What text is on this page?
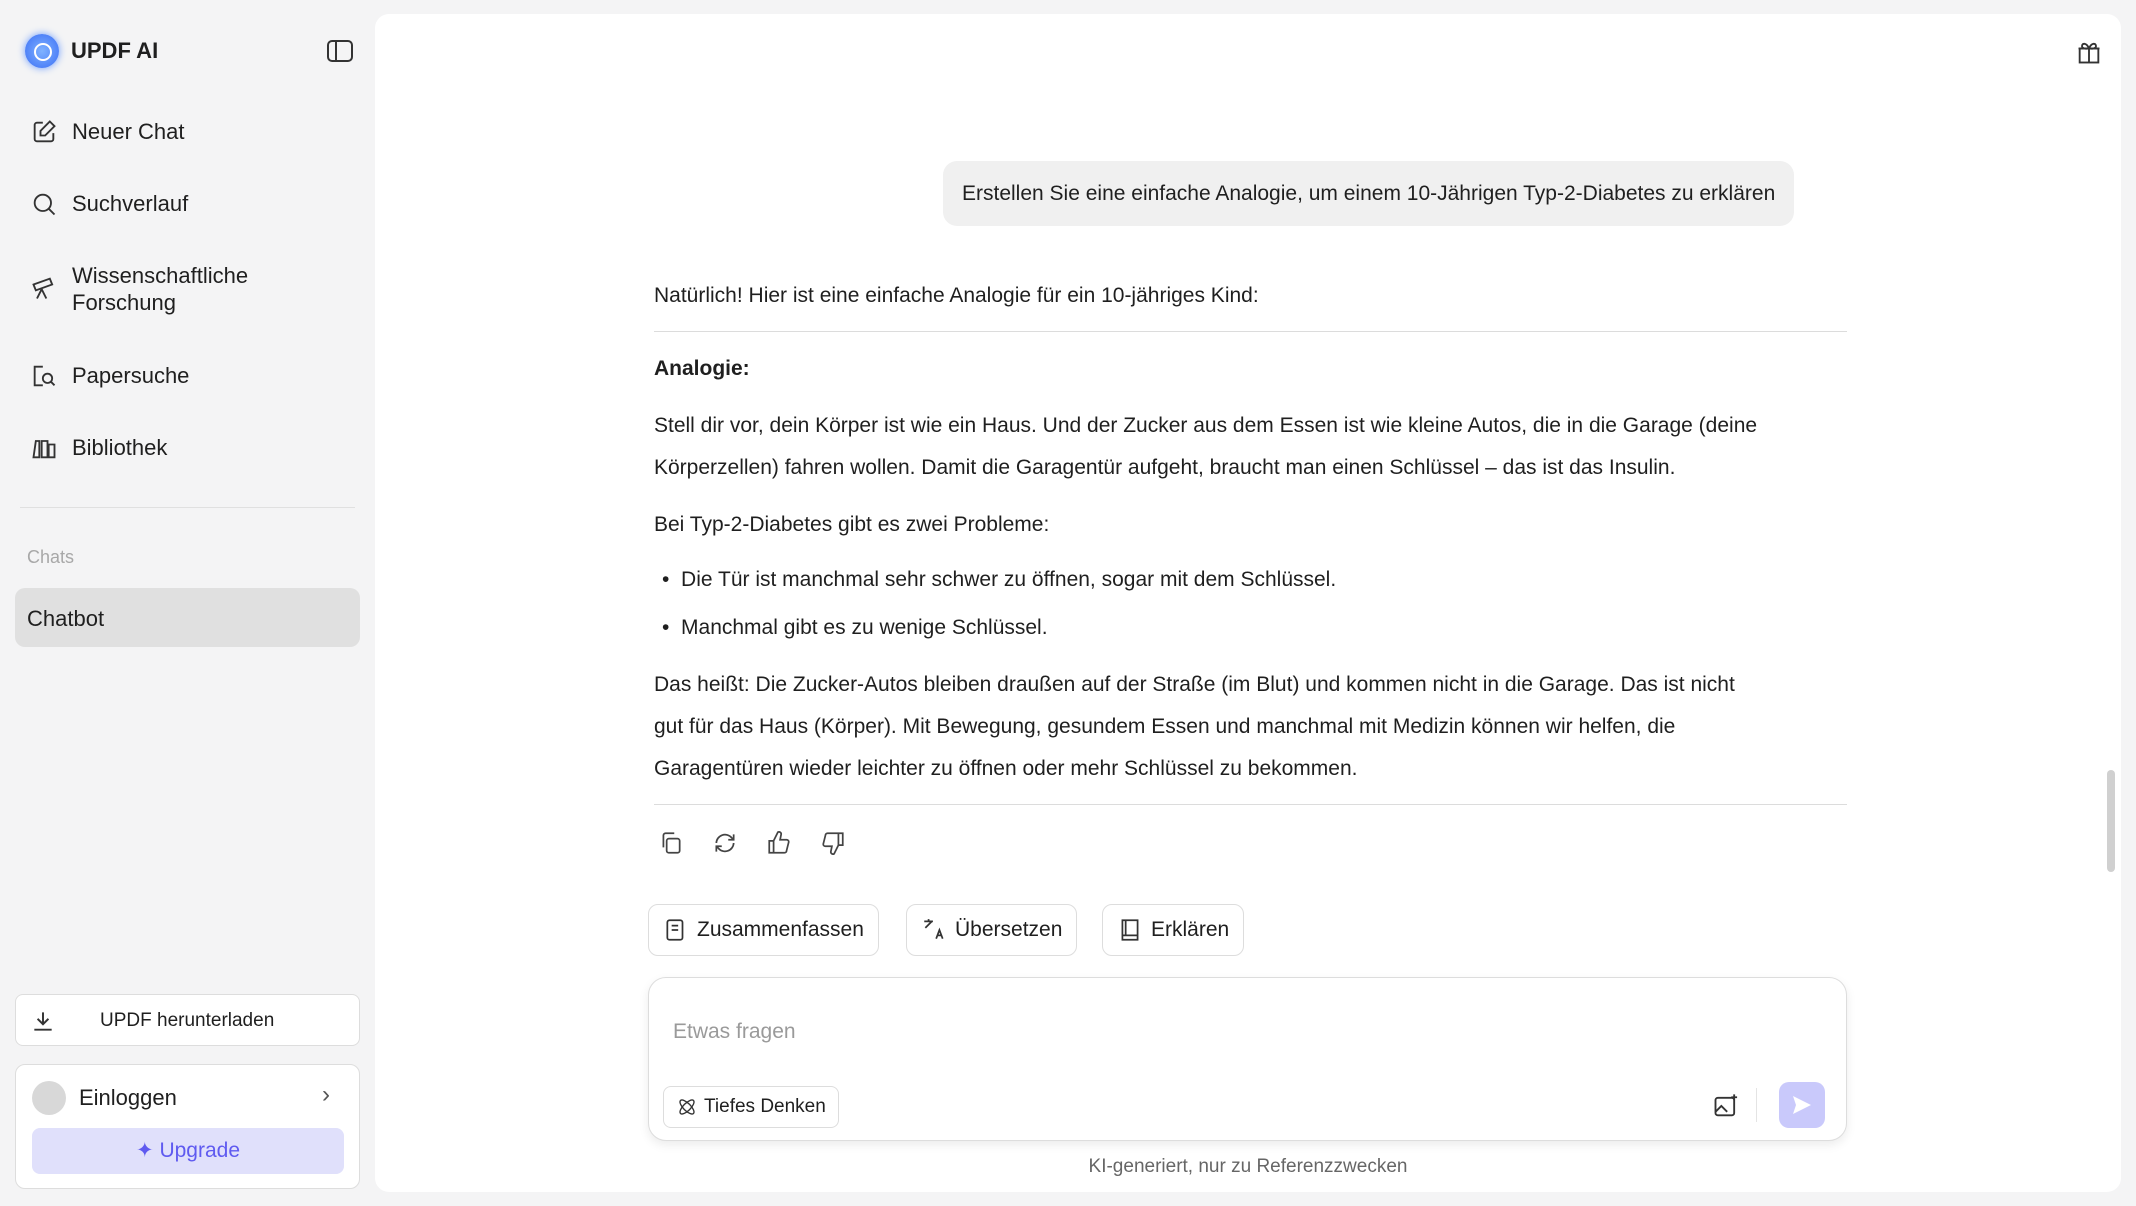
UPDF AI
Neuer Chat
Suchverlauf
Wissenschaftliche Forschung
Papersuche
Bibliothek
Chats
Chatbot
UPDF herunterladen
Einloggen	›
✦ Upgrade
Erstellen Sie eine einfache Analogie, um einem 10-Jährigen Typ-2-Diabetes zu erklären
Natürlich! Hier ist eine einfache Analogie für ein 10-jähriges Kind:
Analogie:
Stell dir vor, dein Körper ist wie ein Haus. Und der Zucker aus dem Essen ist wie kleine Autos, die in die Garage (deine
Körperzellen) fahren wollen. Damit die Garagentür aufgeht, braucht man einen Schlüssel – das ist das Insulin.
Bei Typ-2-Diabetes gibt es zwei Probleme:
•  Die Tür ist manchmal sehr schwer zu öffnen, sogar mit dem Schlüssel.
•  Manchmal gibt es zu wenige Schlüssel.
Das heißt: Die Zucker-Autos bleiben draußen auf der Straße (im Blut) und kommen nicht in die Garage. Das ist nicht
gut für das Haus (Körper). Mit Bewegung, gesundem Essen und manchmal mit Medizin können wir helfen, die
Garagentüren wieder leichter zu öffnen oder mehr Schlüssel zu bekommen.
Zusammenfassen	Übersetzen	Erklären
Etwas fragen
Tiefes Denken
KI-generiert, nur zu Referenzzwecken
